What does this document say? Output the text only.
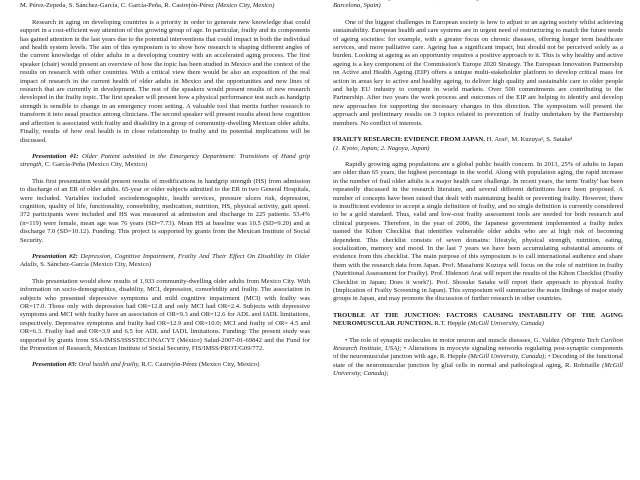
M. Pérez-Zepeda, S. Sánchez-García, C. García-Peña, R. Castrejón-Pérez (Mexico City, Mexico)

Research in aging on developing countries is a priority in order to generate new knowledge that could support in a cost-efficient way attention of this growing group of age. In particular, frailty and its components has gained attention in the last years due to the potential interventions that could impact in both the individual and health system levels. The aim of this symposium is to show how research is shaping different angles of the current knowledge of older adults in a developing country with an accelerated aging process. The first speaker (chair) would present an overview of how the topic has been studied in Mexico and the context of the results on research with other countries. With a critical view there would be also an exposition of the real impact of research in the current health of older adults in Mexico and the opportunities and new lines of research that are currently in development. The rest of the speakers would present results of new research developed in the frailty topic. The first speaker will present how a physical performance test such as handgrip strength is sensible to change in an emergency room setting. A valuable tool that merits further research to transform it into usual practice among clinicians. The second speaker will present results about how cognition and affection is associated with frailty and disability in a group of community-dwelling Mexican older adults. Finally, results of how oral health is in close relationship to frailty and its potential implications will be discussed.

Presentation #1: Older Patient admitted in the Emergency Department: Transitions of Hand grip strength, C. García-Peña (Mexico City, Mexico)

This first presentation would present results of modifications in handgrip strength (HS) from admission to discharge of an ER of older adults. 65-year or older subjects admitted to the ER in two General Hospitals, were included. Variables included sociodemographic, health services, pressure ulcers risk, depression, cognition, quality of life, functionality, comorbidity, medication, nutrition, HS, physical activity, gait speed. 372 participants were included and HS was measured at admission and discharge in 225 patients. 53.4% (n=119) were female, mean age was 76 years (SD=7.73). Mean HS at baseline was 10.5 (SD=9.20) and at discharge 7.0 (SD=10.12). Funding: This project is supported by grants from the Mexican Institute of Social Security.

Presentation #2: Depression, Cognitive Impairment, Frailty And Their Effect On Disability In Older Adults, S. Sánchez-García (Mexico City, Mexico)

This presentation would show results of 1,933 community-dwelling older adults from Mexico City. With information on socio-demographics, disability, MCI, depression, comorbidity and frailty. The association in subjects who presented depressive symptoms and mild cognitive impairment (MCI) with frailty was OR=17.0. Those only with depression had OR=12.8 and only MCI had OR=2.4. Subjects with depressive symptoms and MCI with frailty have an association of OR=9.3 and OR=12.6 for ADL and IADL limitations, respectively. Depressive symptoms and frailty had OR=12.9 and OR=10.0; MCI and frailty of OR= 4.5 and OR=6.3. Frailty had and OR=3.9 and 6.5 for ADL and IADL limitations. Funding: The present study was supported by grants from SSA/IMSS/ISSSTECONACYT (México) Salud-2007-01-69842 and the Fund for the Promotion of Research, Mexican Institute of Social Security, FIS/IMSS/PROT/G09/772.

Presentation #3: Oral health and frailty, R.C. Castrejón-Pérez (Mexico City, Mexico)

Barcelona, Spain)

One of the biggest challenges in European society is how to adjust to an ageing society whilst achieving sustainability. European health and care systems are in urgent need of restructuring to match the future needs of ageing societies: for example, with a greater focus on chronic diseases, offering longer term healthcare services, and more palliative care. Ageing has a significant impact, but should not be perceived solely as a burden. Looking at ageing as an opportunity requires a positive approach to it. This is why healthy and active ageing is a key component of the Commission's Europe 2020 Strategy. The European Innovation Partnership on Active and Health Ageing (EIP) offers a unique multi-stakeholder platform to develop critical mass for action in areas key to active and healthy ageing, to deliver high quality and sustainable care to older people and help EU industry to compete in world markets. Over 500 commitments are contributing to the Partnership. After two years the work process and outcomes of the EIP are helping to identify and develop new approaches for supporting the necessary changes in this direction. The symposium will present the approach and preliminary results on 3 topics related to prevention of frailty undertaken by the Partnership members. No conflict of interests.

FRAILTY RESEARCH: EVIDENCE FROM JAPAN. H. Arai¹, M. Kuzuya², S. Satake¹
(1. Kyoto, Japan; 2. Nagoya, Japan)

Rapidly growing aging populations are a global public health concern. In 2013, 25% of adults in Japan are older than 65 years, the highest percentage in the world. Along with population aging, the rapid increase in the number of frail older adults is a major health care challenge. In recent years, the term 'frailty' has been repeatedly discussed in the research literature, and several different definitions have been proposed. A number of concepts have been raised that dealt with maintaining health or preventing frailty. However, there is insufficient evidence to accept a single definition of frailty, and no single definition is currently considered to be a gold standard. Thus, valid and low-cost frailty assessment tools are needed for both research and clinical purposes. Therefore, in the year of 2006, the Japanese government implemented a frailty index named the Kihon Checklist that identifies vulnerable older adults who are at high risk of becoming dependent. This checklist consists of seven domains: lifestyle, physical strength, nutrition, eating, socialization, memory and mood. In the last 7 years we have been accumulating substantial amounts of evidence from this checklist. The main purpose of this symposium is to call international audience and share them with the research data from Japan. Prof. Masafumi Kuzuya will focus on the role of nutrition in frailty (Nutritional Assessment for Frailty). Prof. Hidenori Arai will report the results of the Kihon Checklist (Frailty Checklist in Japan; Does it work?). Prof. Shosuke Satake will report their approach to physical frailty (Implication of Frailty Screening in Japan). This symposium will summarize the main findings of major study groups in Japan, and may promote the discussion of further research in other countries.

TROUBLE AT THE JUNCTION: FACTORS CAUSING INSTABILITY OF THE AGING NEUROMUSCULAR JUNCTION. R.T. Hepple (McGill University, Canada)

• The role of synaptic molecules in motor neuron and muscle diseases, G. Valdez (Virginia Tech Carilion Research Institute, USA); • Alterations in myocyte signaling networks regulating post-synaptic components of the neuromuscular junction with age, R. Hepple (McGill University, Canada); • Decoding of the functional state of the neuromuscular junction by glial cells in normal and pathological aging, R. Robitaille (McGill University, Canada);
